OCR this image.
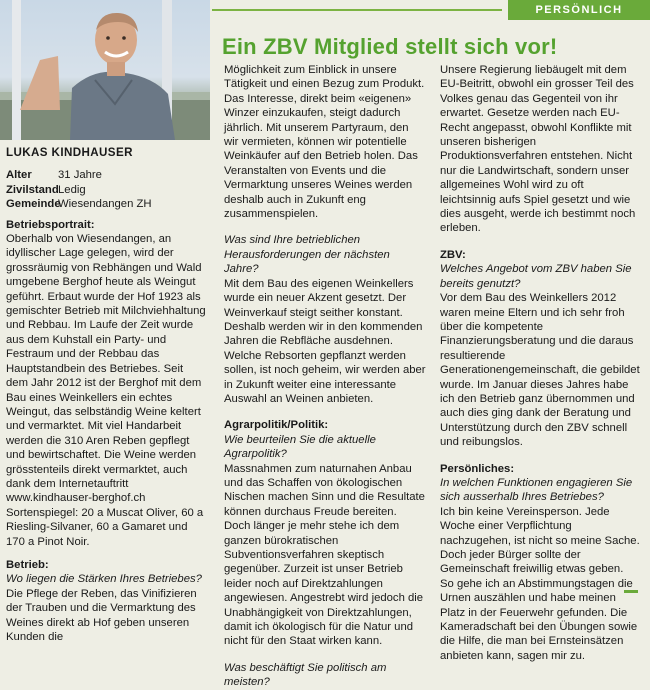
PERSÖNLICH
Ein ZBV Mitglied stellt sich vor!
LUKAS KINDHAUSER
Alter	31 Jahre
Zivilstand Ledig
Gemeinde
Wiesendangen ZH

Betriebsportrait:

Oberhalb von Wiesendangen, an idyllischer Lage gelegen, wird der grossräumig von Rebhängen und Wald umgebene Berghof heute als Weingut geführt. Erbaut wurde der Hof 1923 als gemischter Betrieb mit Milchviehhaltung und Rebbau. Im Laufe der Zeit wurde aus dem Kuhstall ein Party- und Festraum und der Rebbau das Hauptstandbein des Betriebes. Seit dem Jahr 2012 ist der Berghof mit dem Bau eines Weinkellers ein echtes Weingut, das selbständig Weine keltert und vermarktet. Mit viel Handarbeit werden die 310 Aren Reben gepflegt und bewirtschaftet. Die Weine werden grösstenteils direkt vermarktet, auch dank dem Internetauftritt www.kindhauser-berghof.ch Sortenspiegel: 20 a Muscat Oliver, 60 a Riesling-Silvaner, 60 a Gamaret und 170 a Pinot Noir.

Betrieb:

Wo liegen die Stärken Ihres Betriebes?

Die Pflege der Reben, das Vinifizieren der Trauben und die Vermarktung des Weines direkt ab Hof geben unseren Kunden die

Möglichkeit zum Einblick in unsere Tätigkeit und einen Bezug zum Produkt. Das Interesse, direkt beim «eigenen» Winzer einzukaufen, steigt dadurch jährlich. Mit unserem Partyraum, den wir vermieten, können wir potentielle Weinkäufer auf den Betrieb holen. Das Veranstalten von Events und die Vermarktung unseres Weines werden deshalb auch in Zukunft eng zusammenspielen.

Was sind Ihre betrieblichen Herausforderungen der nächsten Jahre?

Mit dem Bau des eigenen Weinkellers wurde ein neuer Akzent gesetzt. Der Weinverkauf steigt seither konstant. Deshalb werden wir in den kommenden Jahren die Rebfläche ausdehnen. Welche Rebsorten gepflanzt werden sollen, ist noch geheim, wir werden aber in Zukunft weiter eine interessante Auswahl an Weinen anbieten.

Agrarpolitik/Politik:

Wie beurteilen Sie die aktuelle Agrarpolitik?

Massnahmen zum naturnahen Anbau und das Schaffen von ökologischen Nischen machen Sinn und die Resultate können durchaus Freude bereiten. Doch länger je mehr stehe ich dem ganzen bürokratischen Subventionsverfahren skeptisch gegenüber. Zurzeit ist unser Betrieb leider noch auf Direktzahlungen angewiesen. Angestrebt wird jedoch die Unabhängigkeit von Direktzahlungen, damit ich ökologisch für die Natur und nicht für den Staat wirken kann.

Was beschäftigt Sie politisch am meisten?

Unsere Regierung liebäugelt mit dem EU-Beitritt, obwohl ein grosser Teil des Volkes genau das Gegenteil von ihr erwartet. Gesetze werden nach EU-Recht angepasst, obwohl Konflikte mit unseren bisherigen Produktionsverfahren entstehen. Nicht nur die Landwirtschaft, sondern unser allgemeines Wohl wird zu oft leichtsinnig aufs Spiel gesetzt und wie dies ausgeht, werde ich bestimmt noch erleben.

ZBV:

Welches Angebot vom ZBV haben Sie bereits genutzt?

Vor dem Bau des Weinkellers 2012 waren meine Eltern und ich sehr froh über die kompetente Finanzierungsberatung und die daraus resultierende Generationengemeinschaft, die gebildet wurde. Im Januar dieses Jahres habe ich den Betrieb ganz übernommen und auch dies ging dank der Beratung und Unterstützung durch den ZBV schnell und reibungslos.

Persönliches:

In welchen Funktionen engagieren Sie sich ausserhalb Ihres Betriebes?

Ich bin keine Vereinsperson. Jede Woche einer Verpflichtung nachzugehen, ist nicht so meine Sache. Doch jeder Bürger sollte der Gemeinschaft freiwillig etwas geben. So gehe ich an Abstimmungstagen die Urnen auszählen und habe meinen Platz in der Feuerwehr gefunden. Die Kameradschaft bei den Übungen sowie die Hilfe, die man bei Ernsteinsätzen anbieten kann, sagen mir zu.
